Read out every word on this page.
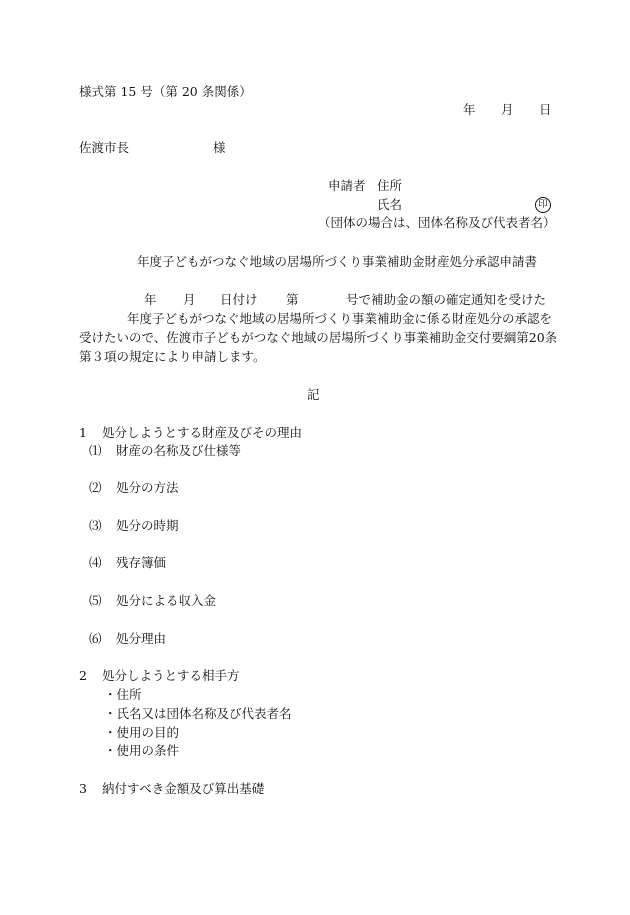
様式第 15 号（第 20 条関係）
年 月 日
佐渡市長	様
申請者 住所
氏名	印
（団体の場合は、団体名称及び代表者名）
年度子どもがつなぐ地域の居場所づくり事業補助金財産処分承認申請書
年 月 日付け 第	号で補助金の額の確定通知を受けた
年度子どもがつなぐ地域の居場所づくり事業補助金に係る財産処分の承認を
受けたいので、佐渡市子どもがつなぐ地域の居場所づくり事業補助金交付要綱第20条
第３項の規定により申請します。
記
1 処分しようとする財産及びその理由
⑴ 財産の名称及び仕様等
⑵ 処分の方法
⑶ 処分の時期
⑷ 残存簿価
⑸ 処分による収入金
⑹ 処分理由
2 処分しようとする相手方
・住所
・氏名又は団体名称及び代表者名
・使用の目的
・使用の条件
3 納付すべき金額及び算出基礎
